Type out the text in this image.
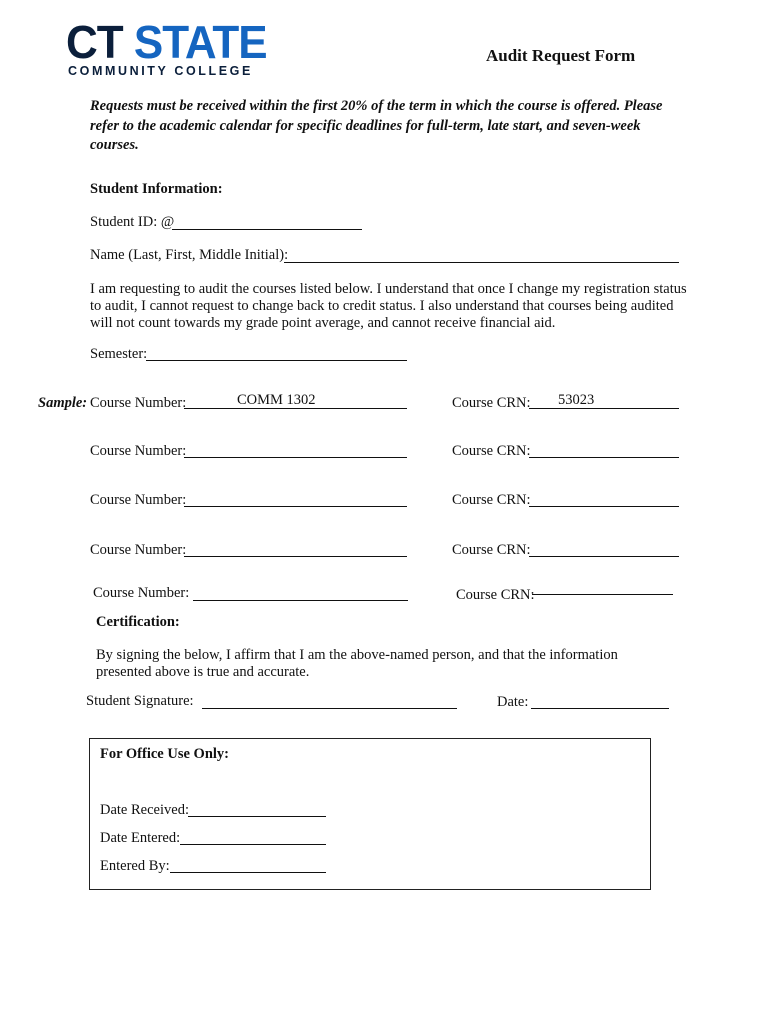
CT STATE
COMMUNITY COLLEGE
Audit Request Form
Requests must be received within the first 20% of the term in which the course is offered. Please refer to the academic calendar for specific deadlines for full-term, late start, and seven-week courses.
Student Information:
Student ID: @
Name (Last, First, Middle Initial):
I am requesting to audit the courses listed below. I understand that once I change my registration status to audit, I cannot request to change back to credit status. I also understand that courses being audited will not count towards my grade point average, and cannot receive financial aid.
Semester:
Sample: Course Number:	COMM 1302	Course CRN: 53023
Course Number:	Course CRN:
Course Number:	Course CRN:
Course Number:	Course CRN:
Course Number:	Course CRN:
Certification:
By signing the below, I affirm that I am the above-named person, and that the information presented above is true and accurate.
Student Signature:	Date:
For Office Use Only:
Date Received:
Date Entered:
Entered By:
